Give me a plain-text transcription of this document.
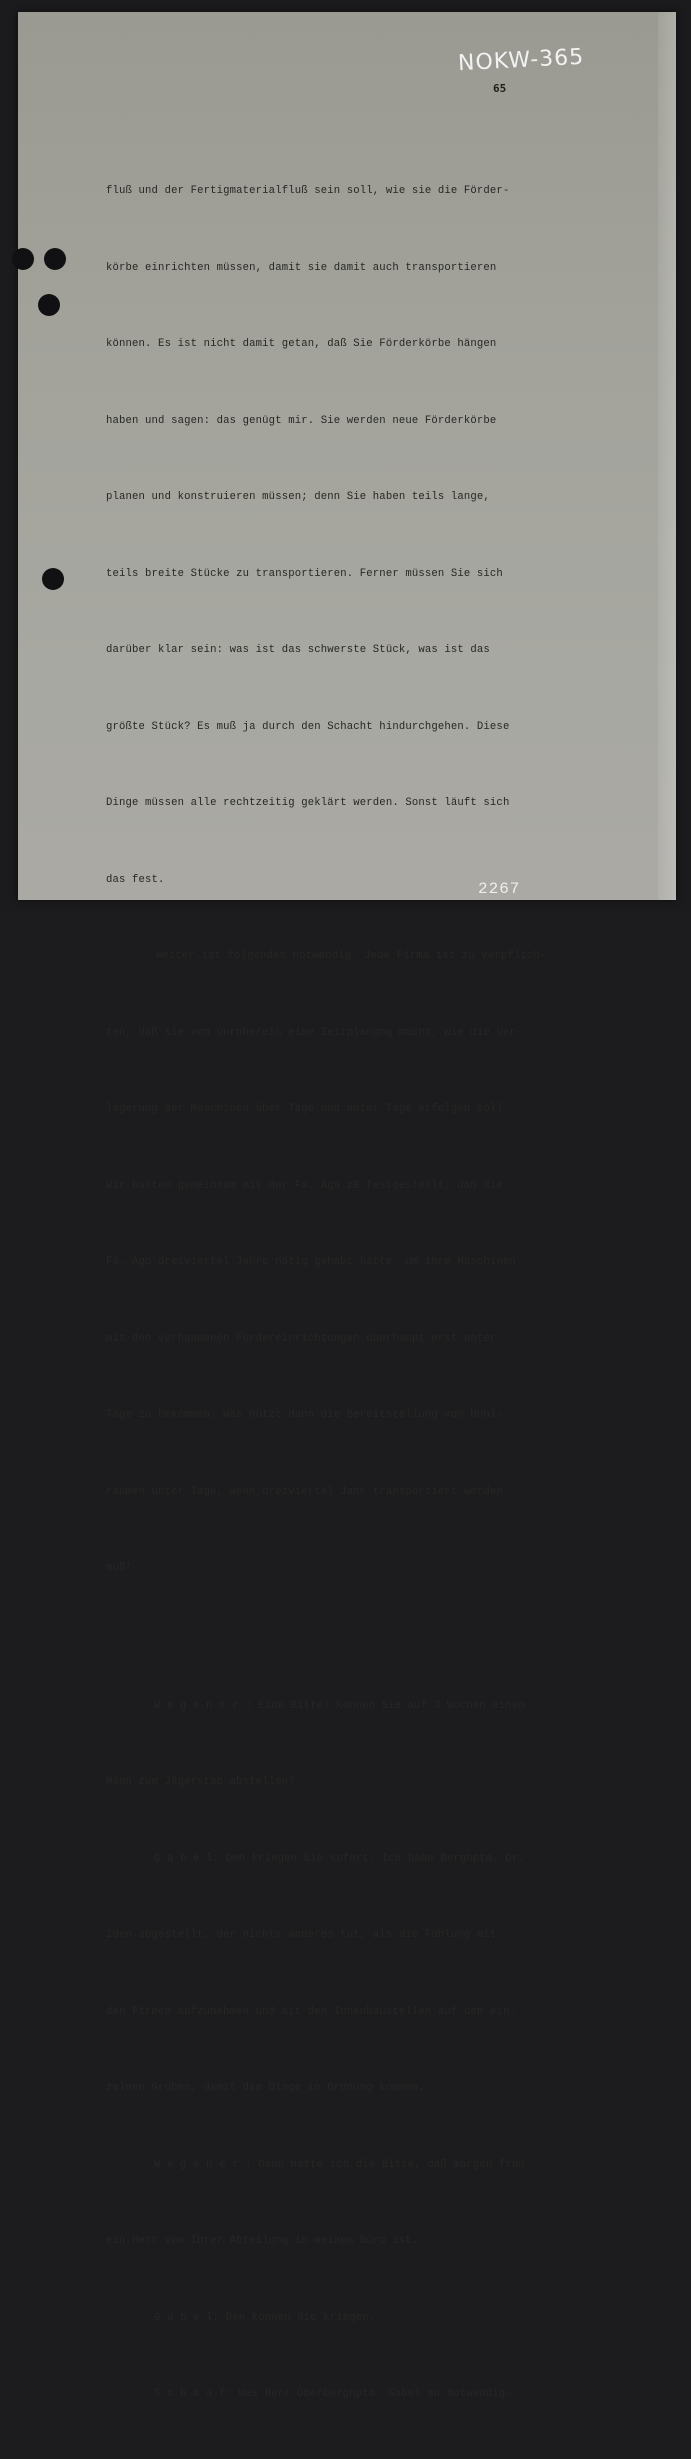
NOKW-365
65

fluß und der Fertigmaterialfluß sein soll, wie sie die Förder-

körbe einrichten müssen, damit sie damit auch transportieren

können. Es ist nicht damit getan, daß Sie Förderkörbe hängen

haben und sagen: das genügt mir. Sie werden neue Förderkörbe

planen und konstruieren müssen; denn Sie haben teils lange,

teils breite Stücke zu transportieren. Ferner müssen Sie sich

darüber klar sein: was ist das schwerste Stück, was ist das

größte Stück? Es muß ja durch den Schacht hindurchgehen. Diese

Dinge müssen alle rechtzeitig geklärt werden. Sonst läuft sich

das fest.

Weiter ist folgendes notwendig. Jede Firma ist zu verpflich-

ten, daß sie von vornherein eine Zeitplanung macht, wie die Ver-

lagerung der Maschinen über Tage und unter Tage erfolgen soll.

Wir hatten gemeinsam mit der Fa. Ago zB festgestellt, daß die

Fa. Ago dreiviertel Jahre nötig gehabt hätte, um ihre Maschinen

mit den vorhandenen Fördereinrichtungen überhaupt erst unter

Tage zu bekommen. Was nützt dann die Bereitstellung von Hohl-

räumen unter Tage, wenn dreiviertel Jahr transportiert werden

muß!

W e g e n e r : Eine Bitte! Können Sie auf 3 Wochen einen

Mann zum Jägerstab abstellen?

G a b e l: Den kriegen Sie sofort. Ich habe Berghptm. Dr.

Iden abgestellt, der nichts anderes tut, als die Fühlung mit

den Firmen aufzunehmen und mit den Innenbaustellen auf den ein-

zelnen Gruben, damit die Dinge in Ordnung kommen.

W e g e n e r : Dann hätte ich die Bitte, daß morgen früh

ein Herr von Ihrer Abteilung in meinem Büro ist.

G a b e l: Den können Sie kriegen.

S c h a a f: Was Herr Oberberghptm. Gabel an Notwendig-

2267
